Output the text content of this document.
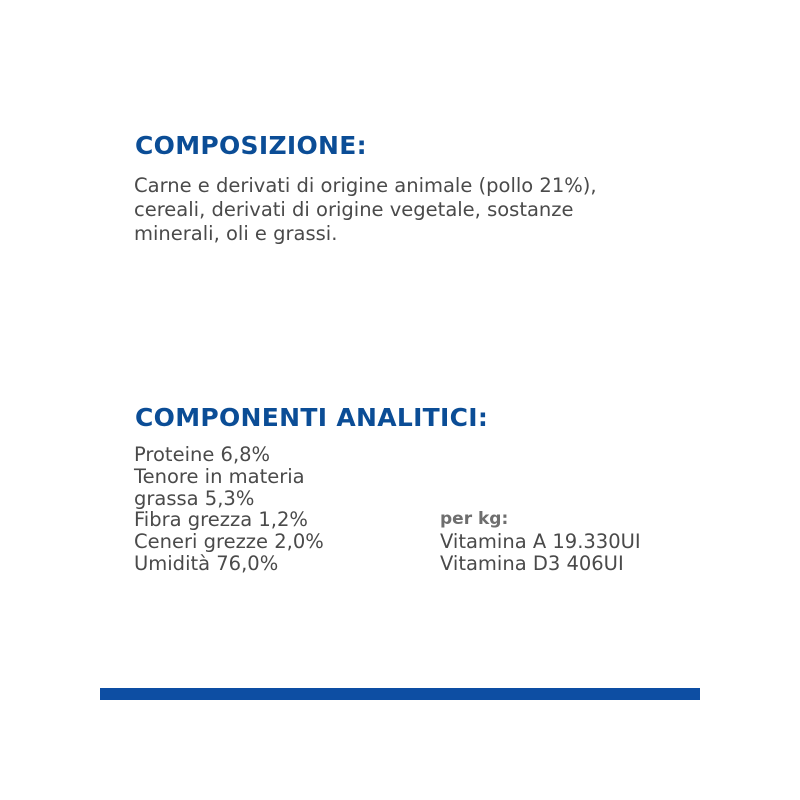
COMPOSIZIONE:
Carne e derivati di origine animale (pollo 21%),
cereali, derivati di origine vegetale, sostanze
minerali, oli e grassi.
COMPONENTI ANALITICI:
Proteine 6,8%
Tenore in materia
grassa 5,3%
Fibra grezza 1,2%
Ceneri grezze 2,0%
Umidità 76,0%
per kg:
Vitamina A 19.330UI
Vitamina D3 406UI
